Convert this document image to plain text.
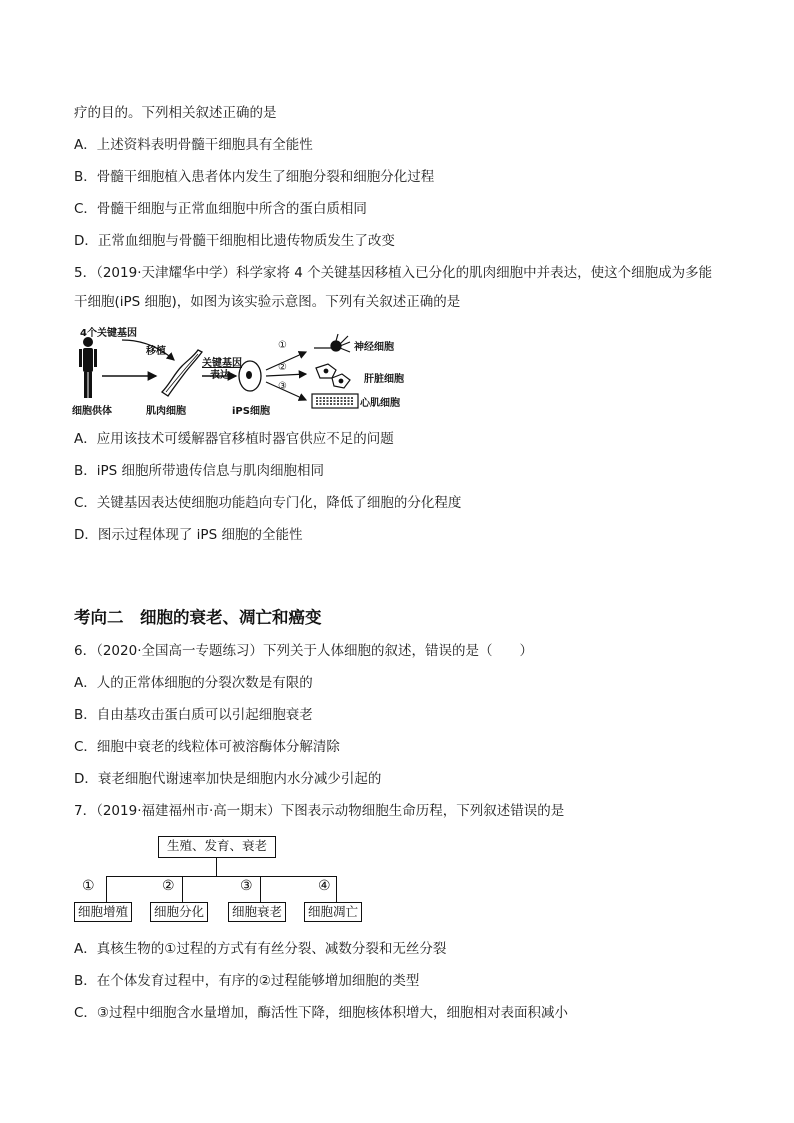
疗的目的。下列相关叙述正确的是
A．上述资料表明骨髓干细胞具有全能性
B．骨髓干细胞植入患者体内发生了细胞分裂和细胞分化过程
C．骨髓干细胞与正常血细胞中所含的蛋白质相同
D．正常血细胞与骨髓干细胞相比遗传物质发生了改变
5．（2019·天津耀华中学）科学家将 4 个关键基因移植入已分化的肌肉细胞中并表达，使这个细胞成为多能
干细胞(iPS 细胞)，如图为该实验示意图。下列有关叙述正确的是
4个关键基因
移植
关键基因
表达
细胞供体	肌肉细胞	iPS细胞
①
②
③
神经细胞
肝脏细胞
心肌细胞
A．应用该技术可缓解器官移植时器官供应不足的问题
B．iPS 细胞所带遗传信息与肌肉细胞相同
C．关键基因表达使细胞功能趋向专门化，降低了细胞的分化程度
D．图示过程体现了 iPS 细胞的全能性
考向二　细胞的衰老、凋亡和癌变
6．（2020·全国高一专题练习）下列关于人体细胞的叙述，错误的是（　　）
A．人的正常体细胞的分裂次数是有限的
B．自由基攻击蛋白质可以引起细胞衰老
C．细胞中衰老的线粒体可被溶酶体分解清除
D．衰老细胞代谢速率加快是细胞内水分减少引起的
7．（2019·福建福州市·高一期末）下图表示动物细胞生命历程，下列叙述错误的是
生殖、发育、衰老
①	②	③	④
细胞增殖	细胞分化	细胞衰老	细胞凋亡
A．真核生物的①过程的方式有有丝分裂、减数分裂和无丝分裂
B．在个体发育过程中，有序的②过程能够增加细胞的类型
C．③过程中细胞含水量增加，酶活性下降，细胞核体积增大，细胞相对表面积减小
